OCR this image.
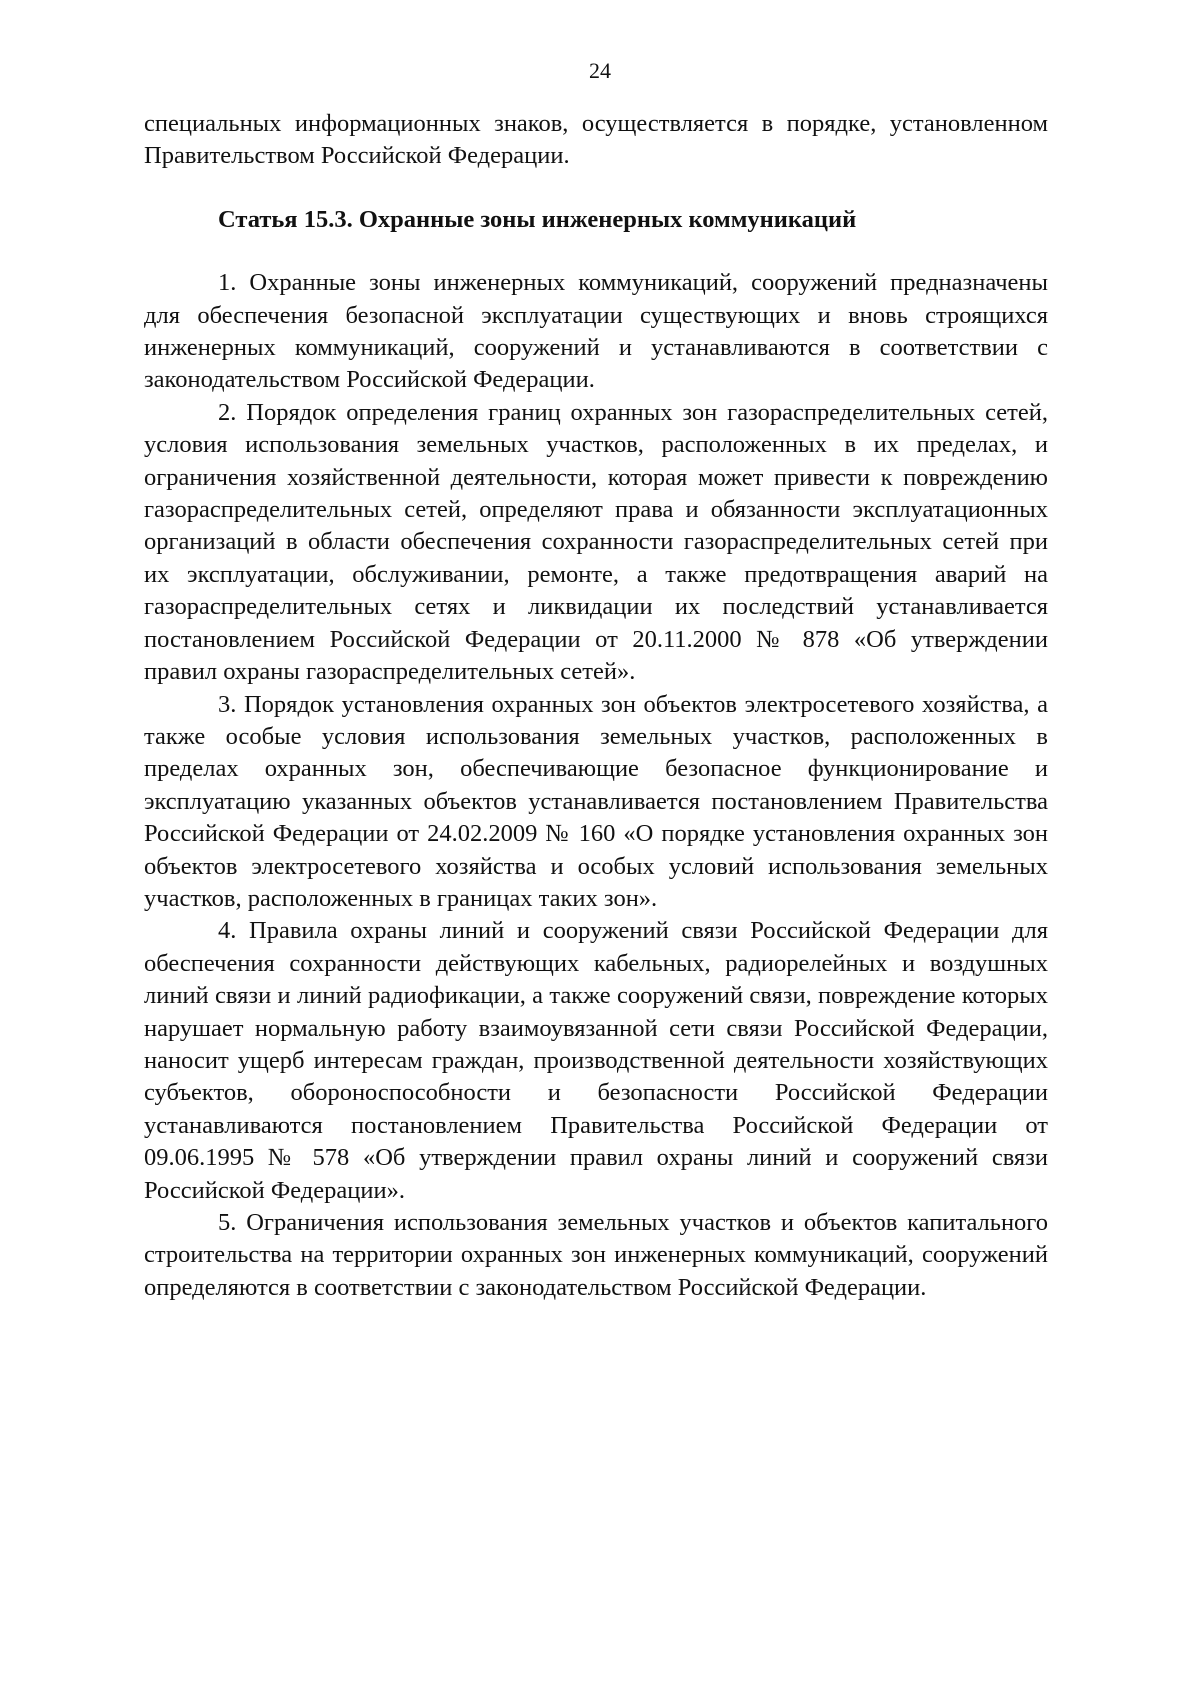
24

специальных информационных знаков, осуществляется в порядке, установленном Правительством Российской Федерации.

Статья 15.3. Охранные зоны инженерных коммуникаций

1. Охранные зоны инженерных коммуникаций, сооружений предназначены для обеспечения безопасной эксплуатации существующих и вновь строящихся инженерных коммуникаций, сооружений и устанавливаются в соответствии с законодательством Российской Федерации.

2. Порядок определения границ охранных зон газораспределительных сетей, условия использования земельных участков, расположенных в их пределах, и ограничения хозяйственной деятельности, которая может привести к повреждению газораспределительных сетей, определяют права и обязанности эксплуатационных организаций в области обеспечения сохранности газораспределительных сетей при их эксплуатации, обслуживании, ремонте, а также предотвращения аварий на газораспределительных сетях и ликвидации их последствий устанавливается постановлением Российской Федерации от 20.11.2000 № 878 «Об утверждении правил охраны газораспределительных сетей».

3. Порядок установления охранных зон объектов электросетевого хозяйства, а также особые условия использования земельных участков, расположенных в пределах охранных зон, обеспечивающие безопасное функционирование и эксплуатацию указанных объектов устанавливается постановлением Правительства Российской Федерации от 24.02.2009 № 160 «О порядке установления охранных зон объектов электросетевого хозяйства и особых условий использования земельных участков, расположенных в границах таких зон».

4. Правила охраны линий и сооружений связи Российской Федерации для обеспечения сохранности действующих кабельных, радиорелейных и воздушных линий связи и линий радиофикации, а также сооружений связи, повреждение которых нарушает нормальную работу взаимоувязанной сети связи Российской Федерации, наносит ущерб интересам граждан, производственной деятельности хозяйствующих субъектов, обороноспособности и безопасности Российской Федерации устанавливаются постановлением Правительства Российской Федерации от 09.06.1995 № 578 «Об утверждении правил охраны линий и сооружений связи Российской Федерации».

5. Ограничения использования земельных участков и объектов капитального строительства на территории охранных зон инженерных коммуникаций, сооружений определяются в соответствии с законодательством Российской Федерации.
